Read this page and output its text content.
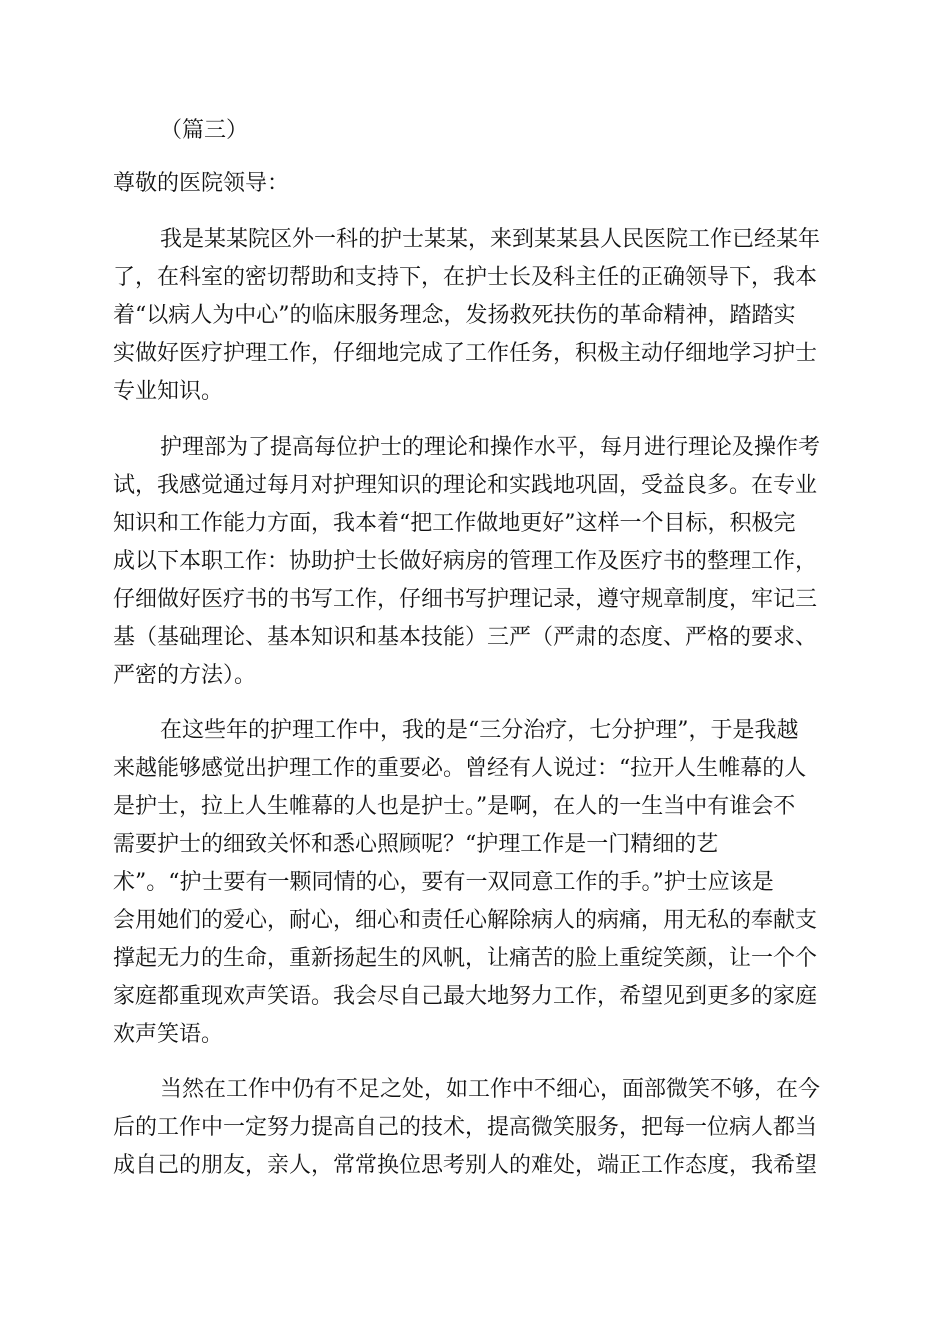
（篇三）

尊敬的医院领导：

我是某某院区外一科的护士某某，来到某某县人民医院工作已经某年

了，在科室的密切帮助和支持下，在护士长及科主任的正确领导下，我本

着“以病人为中心”的临床服务理念，发扬救死扶伤的革命精神，踏踏实

实做好医疗护理工作，仔细地完成了工作任务，积极主动仔细地学习护士

专业知识。

护理部为了提高每位护士的理论和操作水平，每月进行理论及操作考

试，我感觉通过每月对护理知识的理论和实践地巩固，受益良多。在专业

知识和工作能力方面，我本着“把工作做地更好”这样一个目标，积极完

成以下本职工作：协助护士长做好病房的管理工作及医疗书的整理工作，

仔细做好医疗书的书写工作，仔细书写护理记录，遵守规章制度，牢记三

基（基础理论、基本知识和基本技能）三严（严肃的态度、严格的要求、

严密的方法）。

在这些年的护理工作中，我的是“三分治疗，七分护理”，于是我越

来越能够感觉出护理工作的重要必。曾经有人说过：“拉开人生帷幕的人

是护士，拉上人生帷幕的人也是护士。”是啊，在人的一生当中有谁会不

需要护士的细致关怀和悉心照顾呢？“护理工作是一门精细的艺

术”。“护士要有一颗同情的心，要有一双同意工作的手。”护士应该是

会用她们的爱心，耐心，细心和责任心解除病人的病痛，用无私的奉献支

撑起无力的生命，重新扬起生的风帆，让痛苦的脸上重绽笑颜，让一个个

家庭都重现欢声笑语。我会尽自己最大地努力工作，希望见到更多的家庭

欢声笑语。

当然在工作中仍有不足之处，如工作中不细心，面部微笑不够，在今

后的工作中一定努力提高自己的技术，提高微笑服务，把每一位病人都当

成自己的朋友，亲人，常常换位思考别人的难处，端正工作态度，我希望
